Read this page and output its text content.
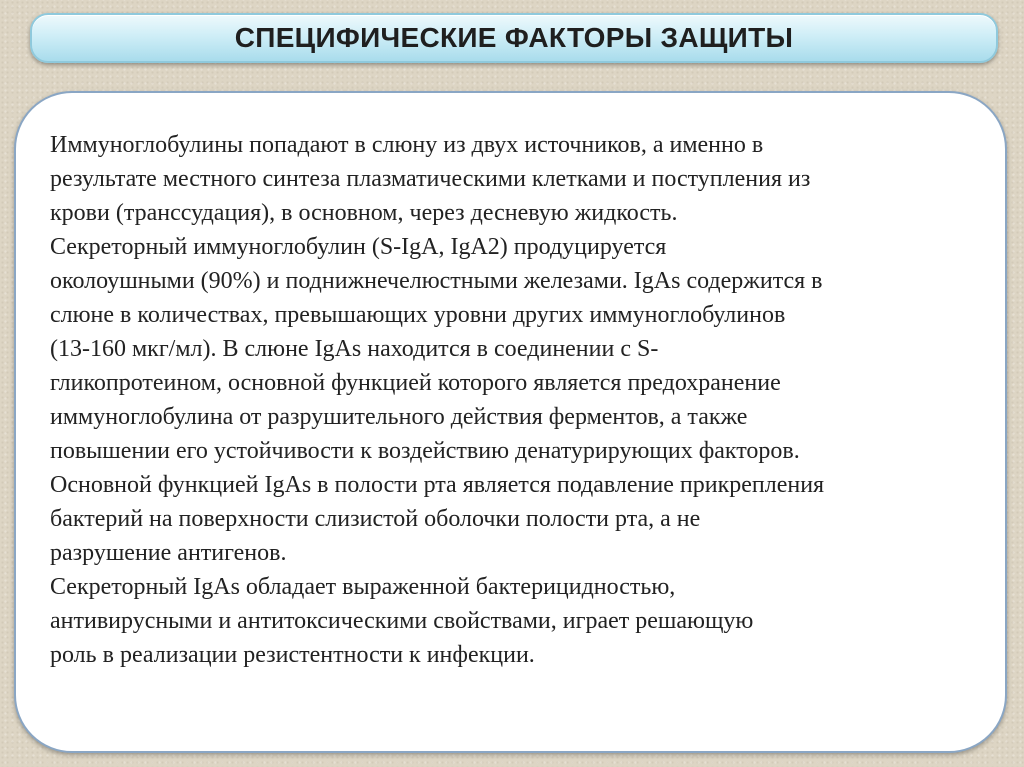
СПЕЦИФИЧЕСКИЕ ФАКТОРЫ ЗАЩИТЫ
Иммуноглобулины попадают в слюну из двух источников, а именно в
результате местного синтеза плазматическими клетками и поступления из
крови (транссудация), в основном, через десневую жидкость.
Секреторный иммуноглобулин (S-IgA, IgA2) продуцируется
околоушными (90%) и поднижнечелюстными железами. IgAs содержится в
слюне в количествах, превышающих уровни других иммуноглобулинов
(13-160 мкг/мл). В слюне IgAs находится в соединении с S-
гликопротеином, основной функцией которого является предохранение
иммуноглобулина от разрушительного действия ферментов, а также
повышении его устойчивости к воздействию денатурирующих факторов.
Основной функцией IgAs в полости рта является подавление прикрепления
бактерий на поверхности слизистой оболочки полости рта, а не
разрушение антигенов.
Секреторный IgAs обладает выраженной бактерицидностью,
антивирусными и антитоксическими свойствами, играет решающую
роль в реализации резистентности к инфекции.
